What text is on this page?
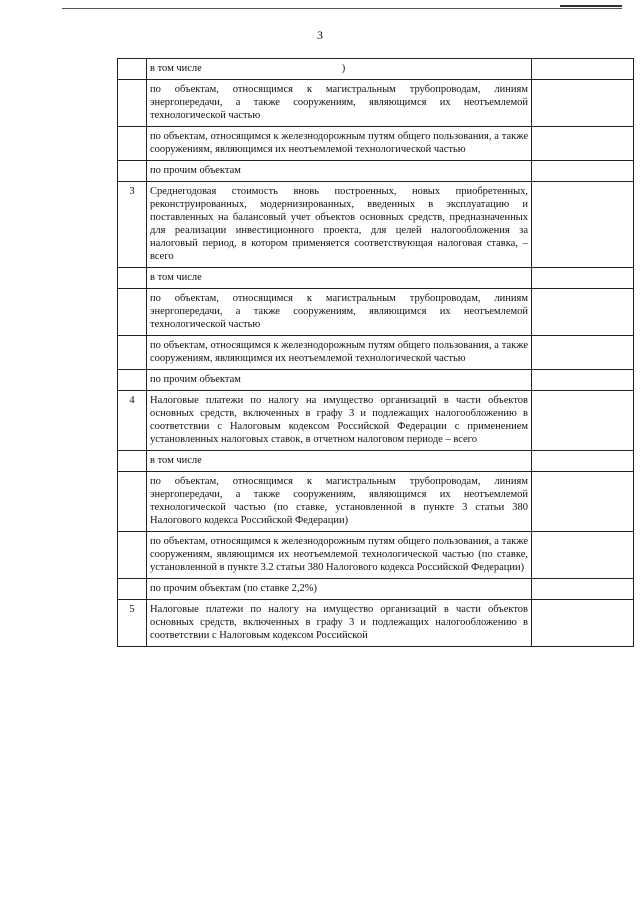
3
	в том числе )	
	по объектам, относящимся к магистральным трубопроводам, линиям энергопередачи, а также сооружениям, являющимся их неотъемлемой технологической частью	
	по объектам, относящимся к железнодорожным путям общего пользования, а также сооружениям, являющимся их неотъемлемой технологической частью	
	по прочим объектам	
3	Среднегодовая стоимость вновь построенных, новых приобретенных, реконструированных, модернизированных, введенных в эксплуатацию и поставленных на балансовый учет объектов основных средств, предназначенных для реализации инвестиционного проекта, для целей налогообложения за налоговый период, в котором применяется соответствующая налоговая ставка, – всего	
	в том числе	
	по объектам, относящимся к магистральным трубопроводам, линиям энергопередачи, а также сооружениям, являющимся их неотъемлемой технологической частью	
	по объектам, относящимся к железнодорожным путям общего пользования, а также сооружениям, являющимся их неотъемлемой технологической частью	
	по прочим объектам	
4	Налоговые платежи по налогу на имущество организаций в части объектов основных средств, включенных в графу 3 и подлежащих налогообложению в соответствии с Налоговым кодексом Российской Федерации с применением установленных налоговых ставок, в отчетном налоговом периоде – всего	
	в том числе	
	по объектам, относящимся к магистральным трубопроводам, линиям энергопередачи, а также сооружениям, являющимся их неотъемлемой технологической частью (по ставке, установленной в пункте 3 статьи 380 Налогового кодекса Российской Федерации)	
	по объектам, относящимся к железнодорожным путям общего пользования, а также сооружениям, являющимся их неотъемлемой технологической частью (по ставке, установленной в пункте 3.2 статьи 380 Налогового кодекса Российской Федерации)	
	по прочим объектам (по ставке 2,2%)	
5	Налоговые платежи по налогу на имущество организаций в части объектов основных средств, включенных в графу 3 и подлежащих налогообложению в соответствии с Налоговым кодексом Российской	
